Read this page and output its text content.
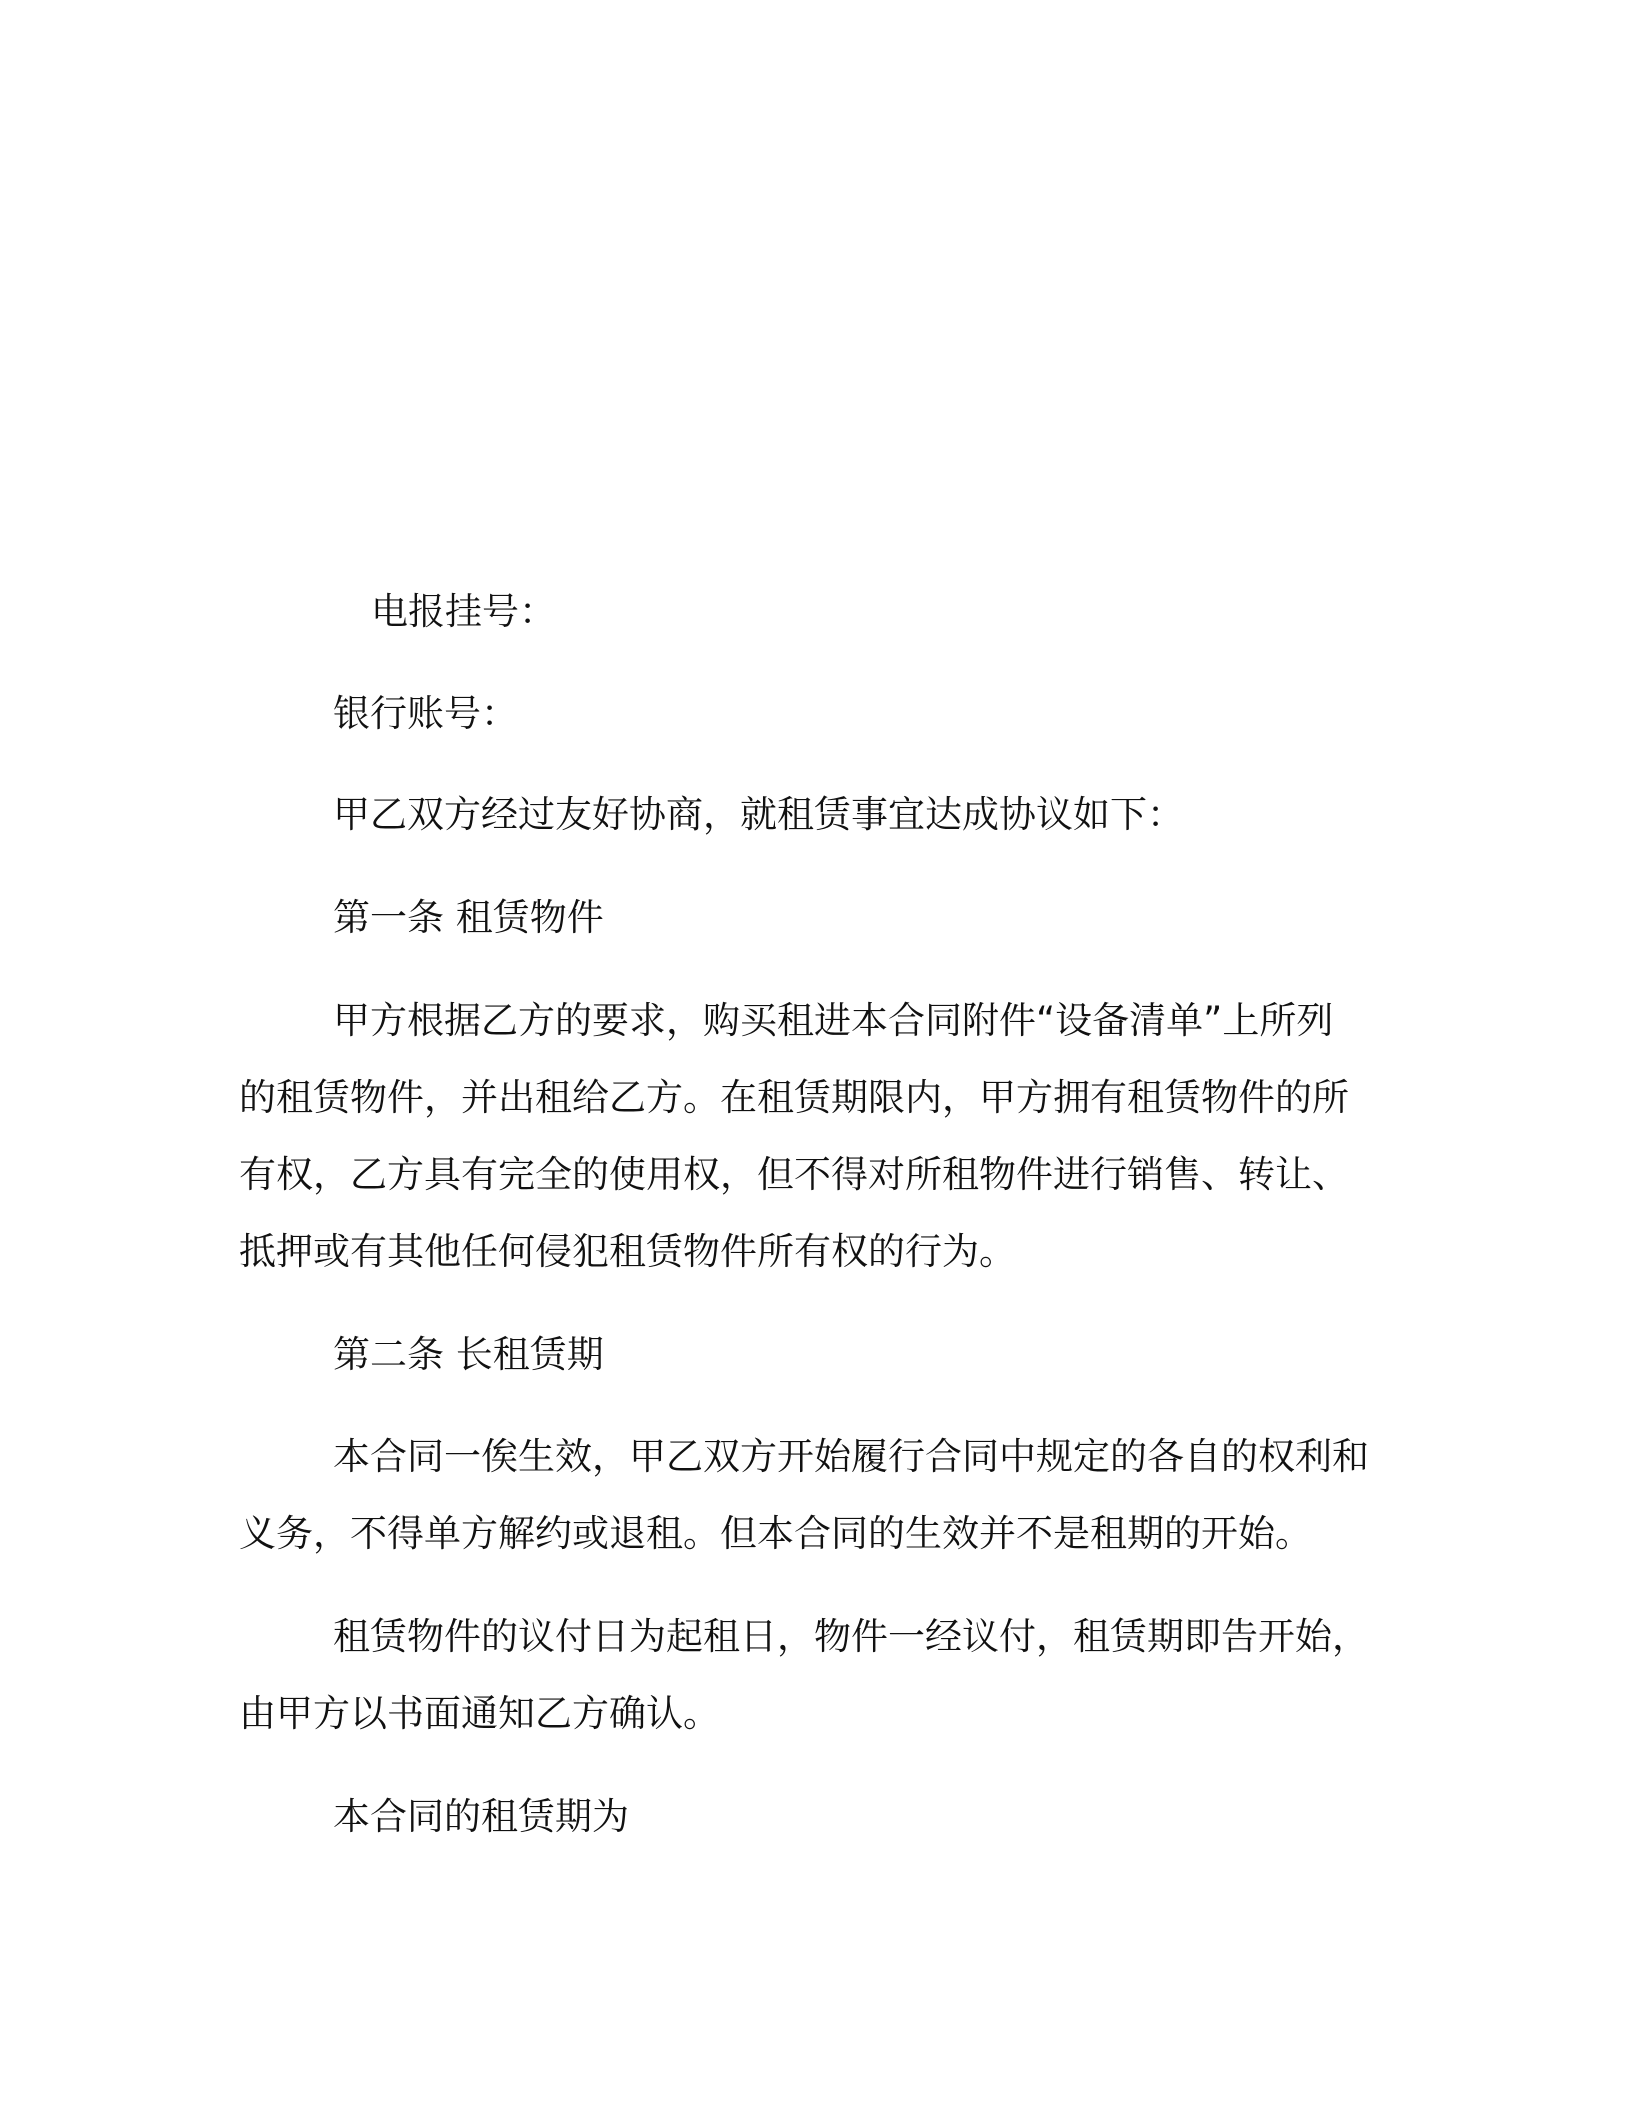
电报挂号：
银行账号：
甲乙双方经过友好协商，就租赁事宜达成协议如下：
第一条 租赁物件
甲方根据乙方的要求，购买租进本合同附件“设备清单”上所列
的租赁物件，并出租给乙方。在租赁期限内，甲方拥有租赁物件的所
有权，乙方具有完全的使用权，但不得对所租物件进行销售、转让、
抵押或有其他任何侵犯租赁物件所有权的行为。
第二条 长租赁期
本合同一俟生效，甲乙双方开始履行合同中规定的各自的权利和
义务，不得单方解约或退租。但本合同的生效并不是租期的开始。
租赁物件的议付日为起租日，物件一经议付，租赁期即告开始，
由甲方以书面通知乙方确认。
本合同的租赁期为
